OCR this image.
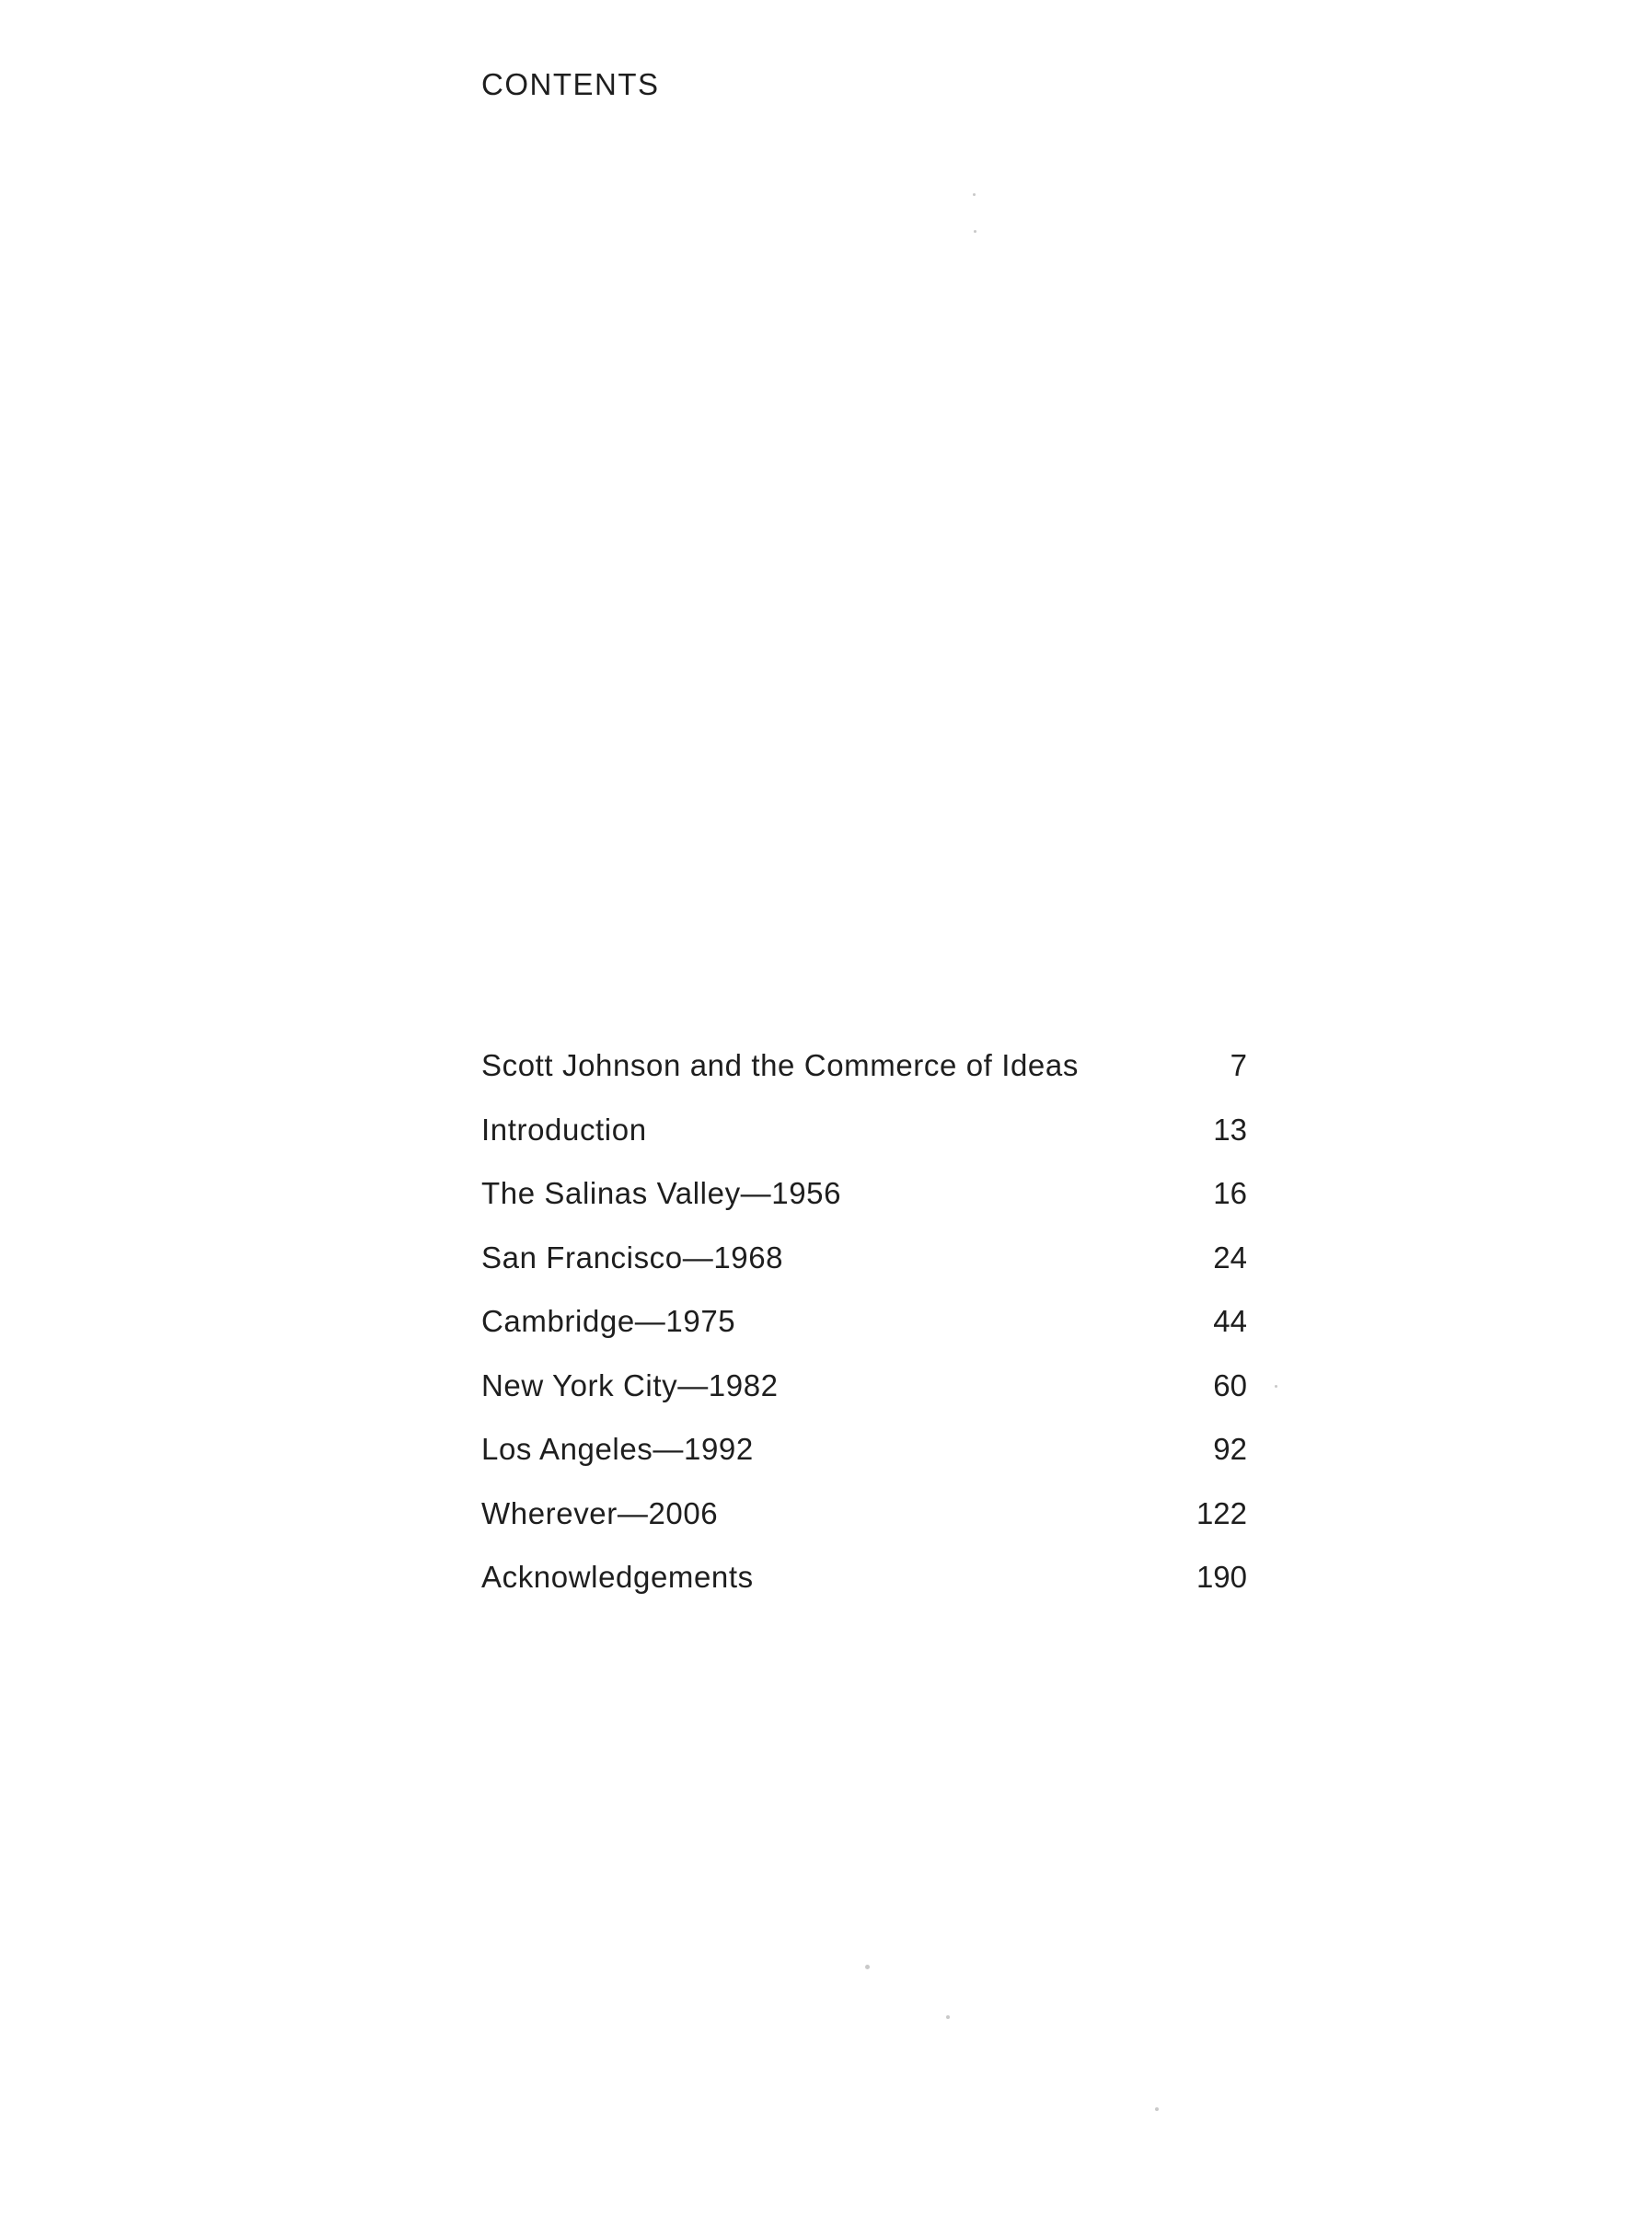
CONTENTS
Scott Johnson and the Commerce of Ideas	7
Introduction	13
The Salinas Valley—1956	16
San Francisco—1968	24
Cambridge—1975	44
New York City—1982	60
Los Angeles—1992	92
Wherever—2006	122
Acknowledgements	190
